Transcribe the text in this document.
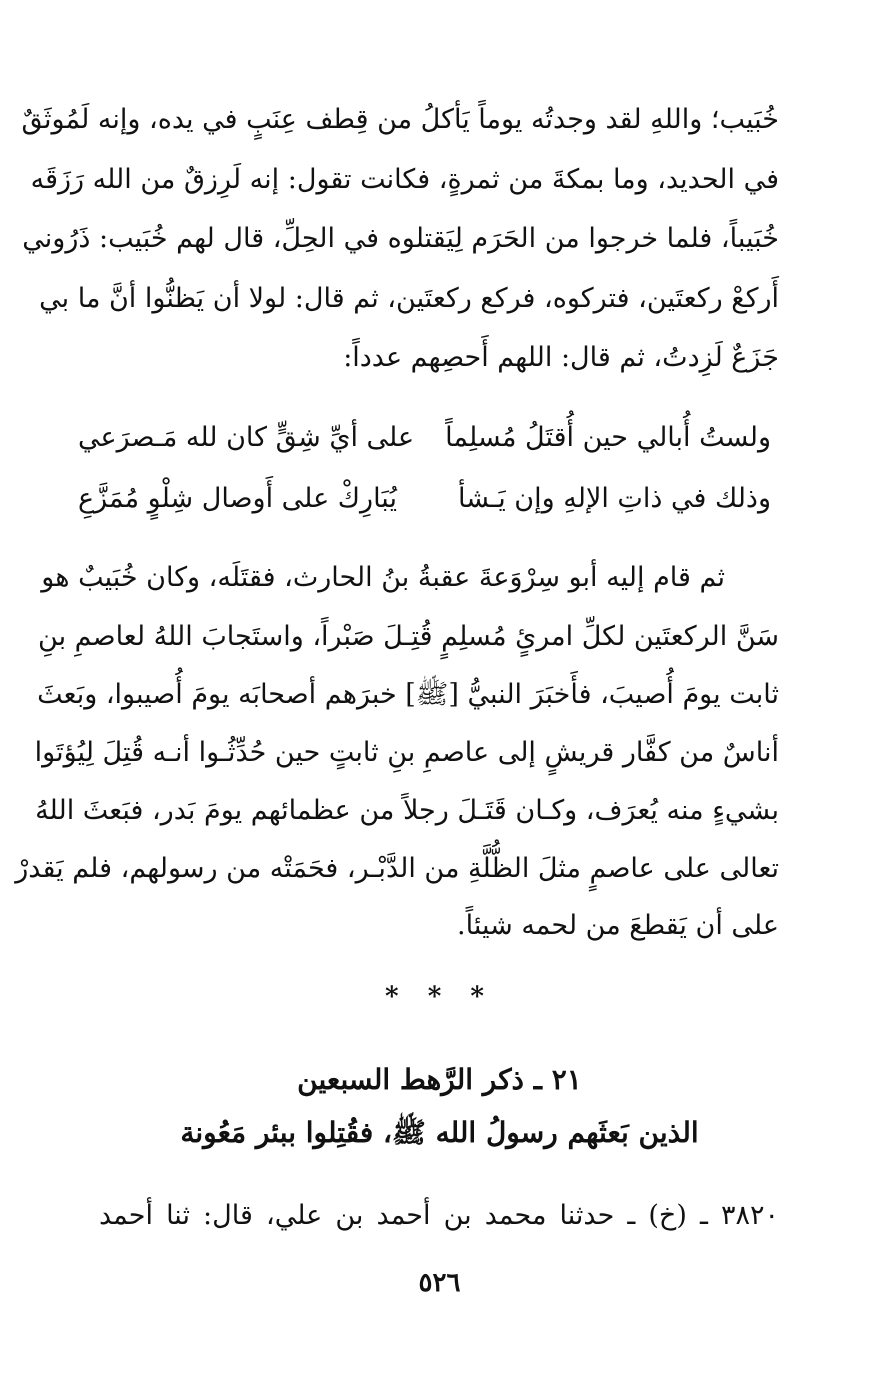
خُبَيب؛ واللهِ لقد وجدتُه يوماً يَأكلُ من قِطف عِنَبٍ في يده، وإنه لَمُوثَقٌ
في الحديد، وما بمكةَ من ثمرةٍ، فكانت تقول: إنه لَرِزقٌ من الله رَزَقَه
خُبَيباً، فلما خرجوا من الحَرَم لِيَقتلوه في الحِلِّ، قال لهم خُبَيب: ذَرُوني
أَركعْ ركعتَين، فتركوه، فركع ركعتَين، ثم قال: لولا أن يَظنُّوا أنَّ ما بي
جَزَعٌ لَزِدتُ، ثم قال: اللهم أَحصِهم عدداً:
ولستُ أُبالي حين أُقتَلُ مُسلِماً
على أيِّ شِقٍّ كان لله مَـصرَعي
وذلك في ذاتِ الإلهِ وإن يَـشأ
يُبَارِكْ على أَوصال شِلْوٍ مُمَزَّعِ
ثم قام إليه أبو سِرْوَعةَ عقبةُ بنُ الحارث، فقتَلَه، وكان خُبَيبٌ هو
سَنَّ الركعتَين لكلِّ امرئٍ مُسلِمٍ قُتِـلَ صَبْراً، واستَجابَ اللهُ لعاصمِ بنِ
ثابت يومَ أُصيبَ، فأَخبَرَ النبيُّ [ﷺ] خبرَهم أصحابَه يومَ أُصيبوا، وبَعثَ
أناسٌ من كفَّار قريشٍ إلى عاصمِ بنِ ثابتٍ حين حُدِّثُـوا أنـه قُتِلَ لِيُؤتَوا
بشيءٍ منه يُعرَف، وكـان قَتَـلَ رجلاً من عظمائهم يومَ بَدر، فبَعثَ اللهُ
تعالى على عاصمٍ مثلَ الظُّلَّةِ من الدَّبْـر، فحَمَتْه من رسولهم، فلم يَقدرْ
على أن يَقطعَ من لحمه شيئاً.
* * *
٢١ ـ ذكر الرَّهط السبعين
الذين بَعثَهم رسولُ الله ﷺ، فقُتِلوا ببئر مَعُونة
٣٨٢٠ ـ (خ) ـ حدثنا محمد بن أحمد بن علي، قال: ثنا أحمد
٥٢٦
